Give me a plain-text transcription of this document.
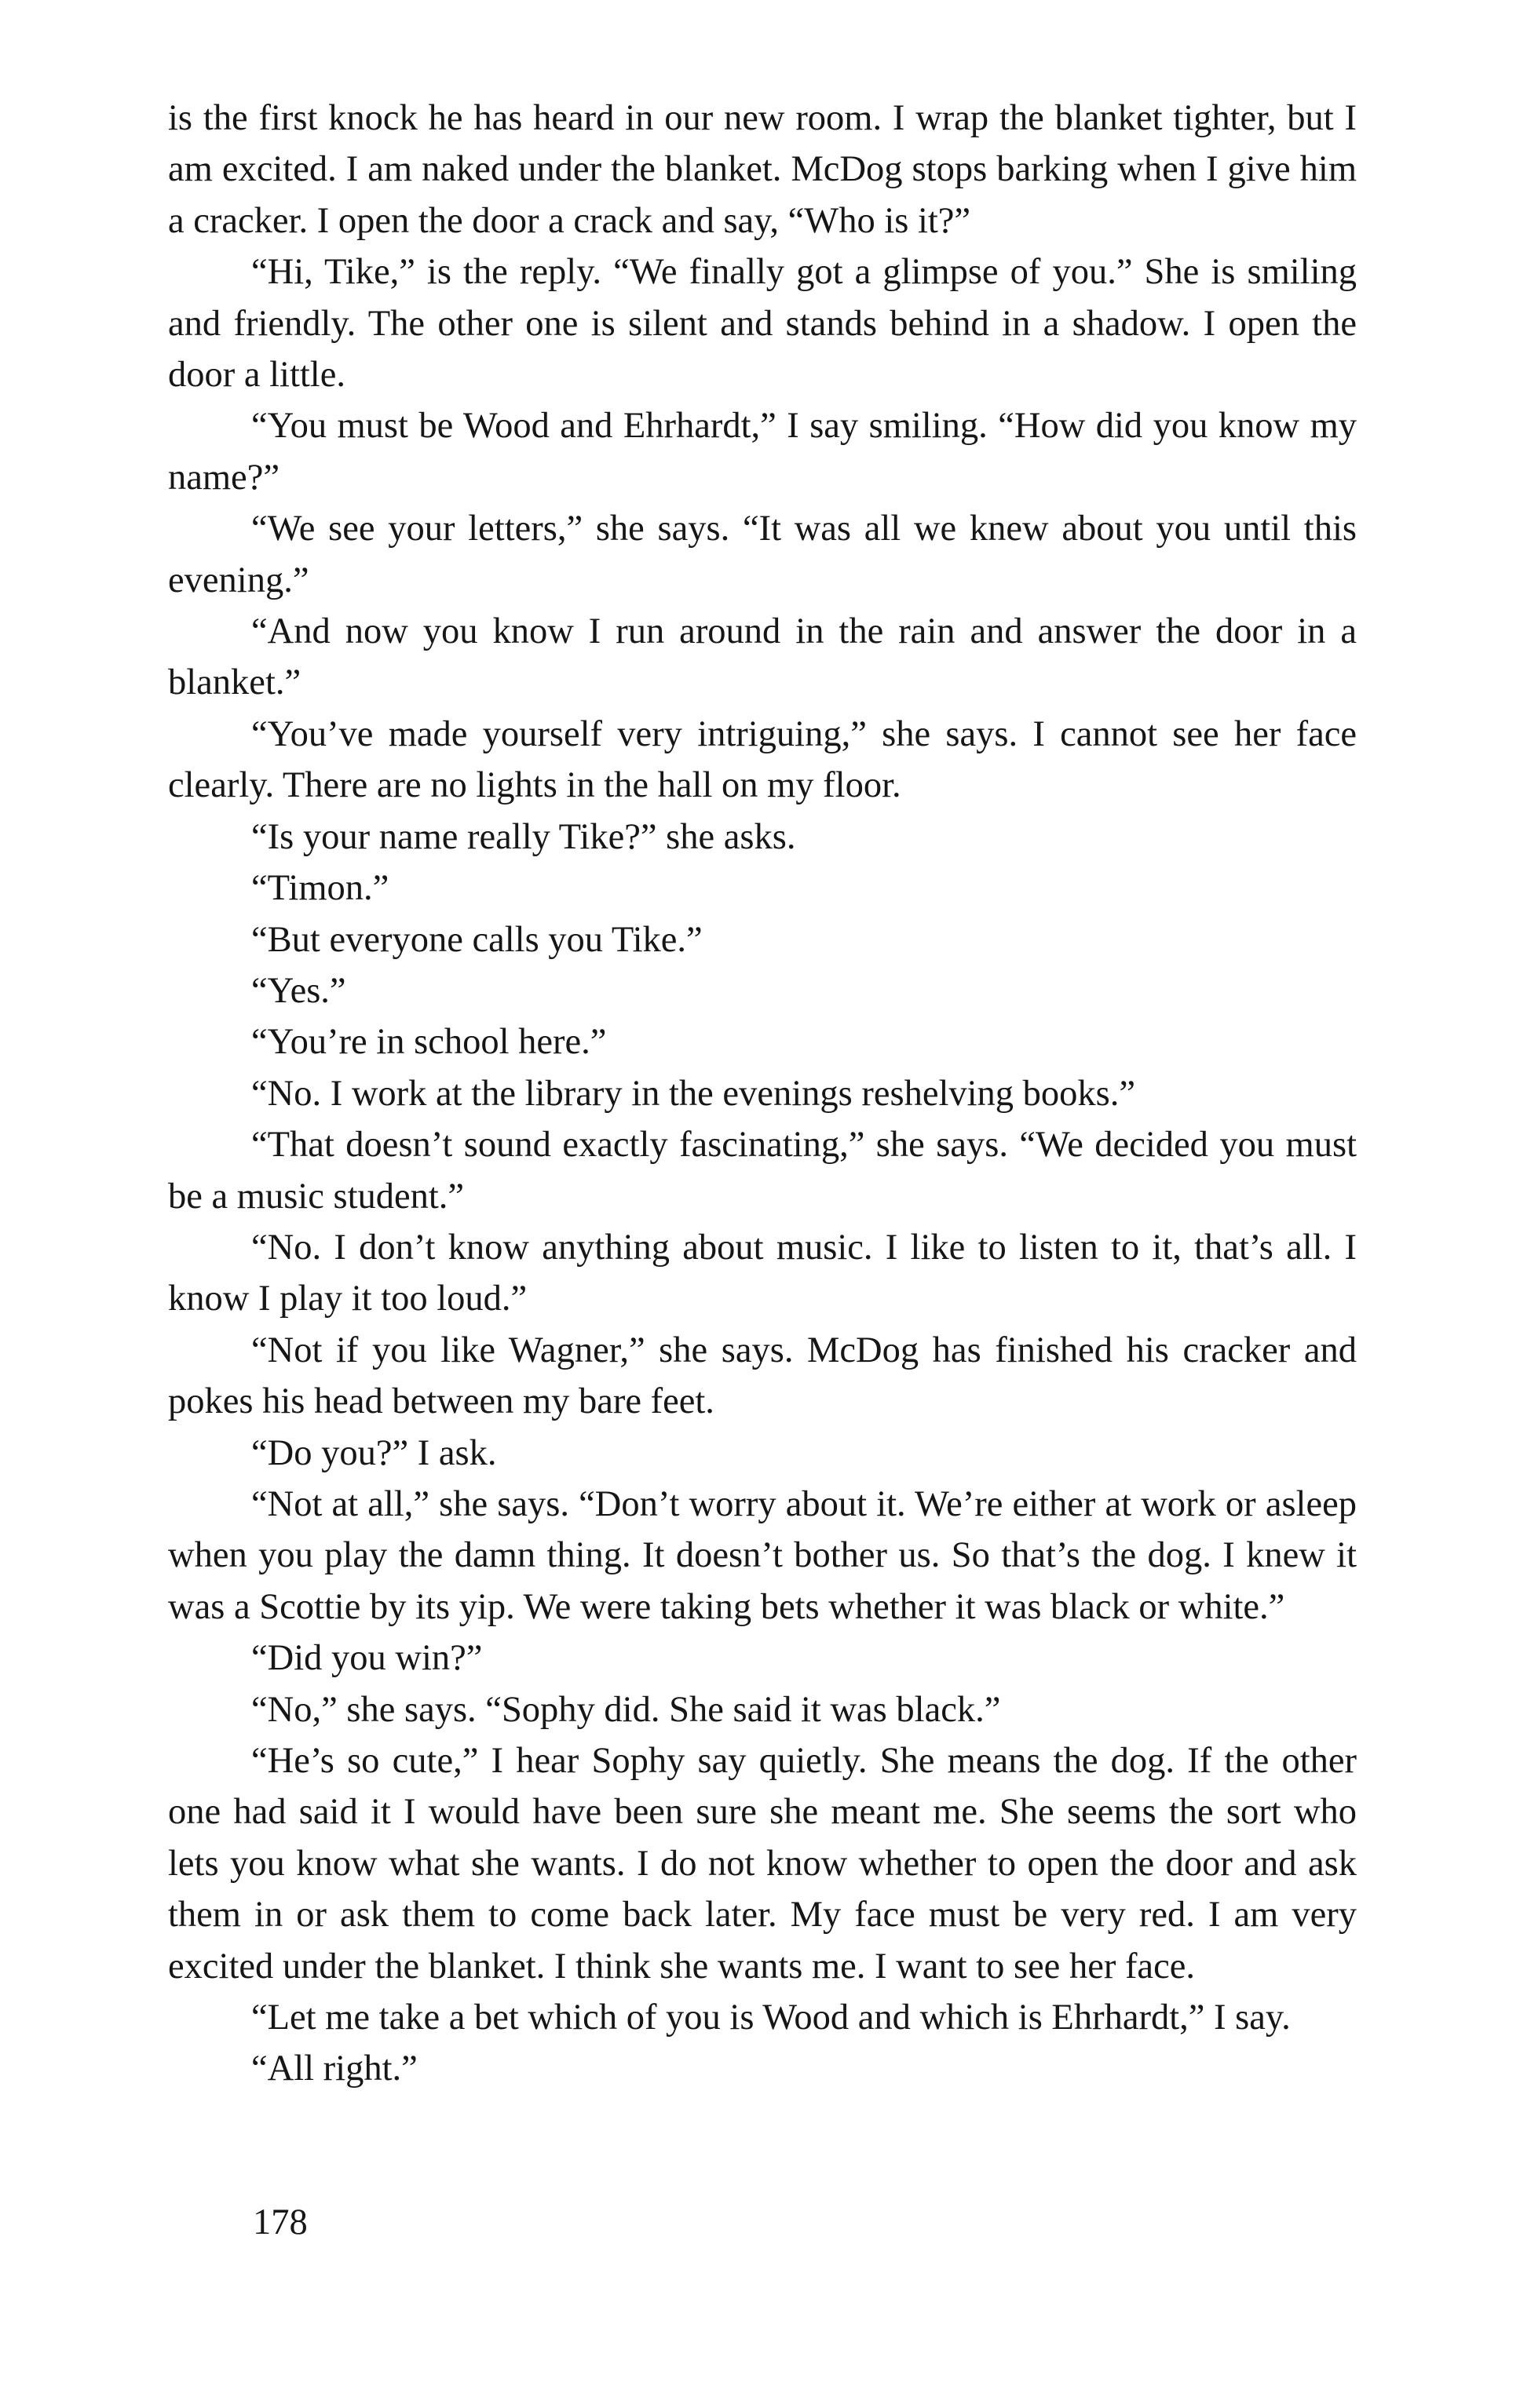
is the first knock he has heard in our new room. I wrap the blanket tighter, but I am excited. I am naked under the blanket. McDog stops barking when I give him a cracker. I open the door a crack and say, “Who is it?”

“Hi, Tike,” is the reply. “We finally got a glimpse of you.” She is smiling and friendly. The other one is silent and stands behind in a shadow. I open the door a little.

“You must be Wood and Ehrhardt,” I say smiling. “How did you know my name?”

“We see your letters,” she says. “It was all we knew about you until this evening.”

“And now you know I run around in the rain and answer the door in a blanket.”

“You’ve made yourself very intriguing,” she says. I cannot see her face clearly. There are no lights in the hall on my floor.

“Is your name really Tike?” she asks.

“Timon.”

“But everyone calls you Tike.”

“Yes.”

“You’re in school here.”

“No. I work at the library in the evenings reshelving books.”

“That doesn’t sound exactly fascinating,” she says. “We decided you must be a music student.”

“No. I don’t know anything about music. I like to listen to it, that’s all. I know I play it too loud.”

“Not if you like Wagner,” she says. McDog has finished his cracker and pokes his head between my bare feet.

“Do you?” I ask.

“Not at all,” she says. “Don’t worry about it. We’re either at work or asleep when you play the damn thing. It doesn’t bother us. So that’s the dog. I knew it was a Scottie by its yip. We were taking bets whether it was black or white.”

“Did you win?”

“No,” she says. “Sophy did. She said it was black.”

“He’s so cute,” I hear Sophy say quietly. She means the dog. If the other one had said it I would have been sure she meant me. She seems the sort who lets you know what she wants. I do not know whether to open the door and ask them in or ask them to come back later. My face must be very red. I am very excited under the blanket. I think she wants me. I want to see her face.

“Let me take a bet which of you is Wood and which is Ehrhardt,” I say.

“All right.”

178
